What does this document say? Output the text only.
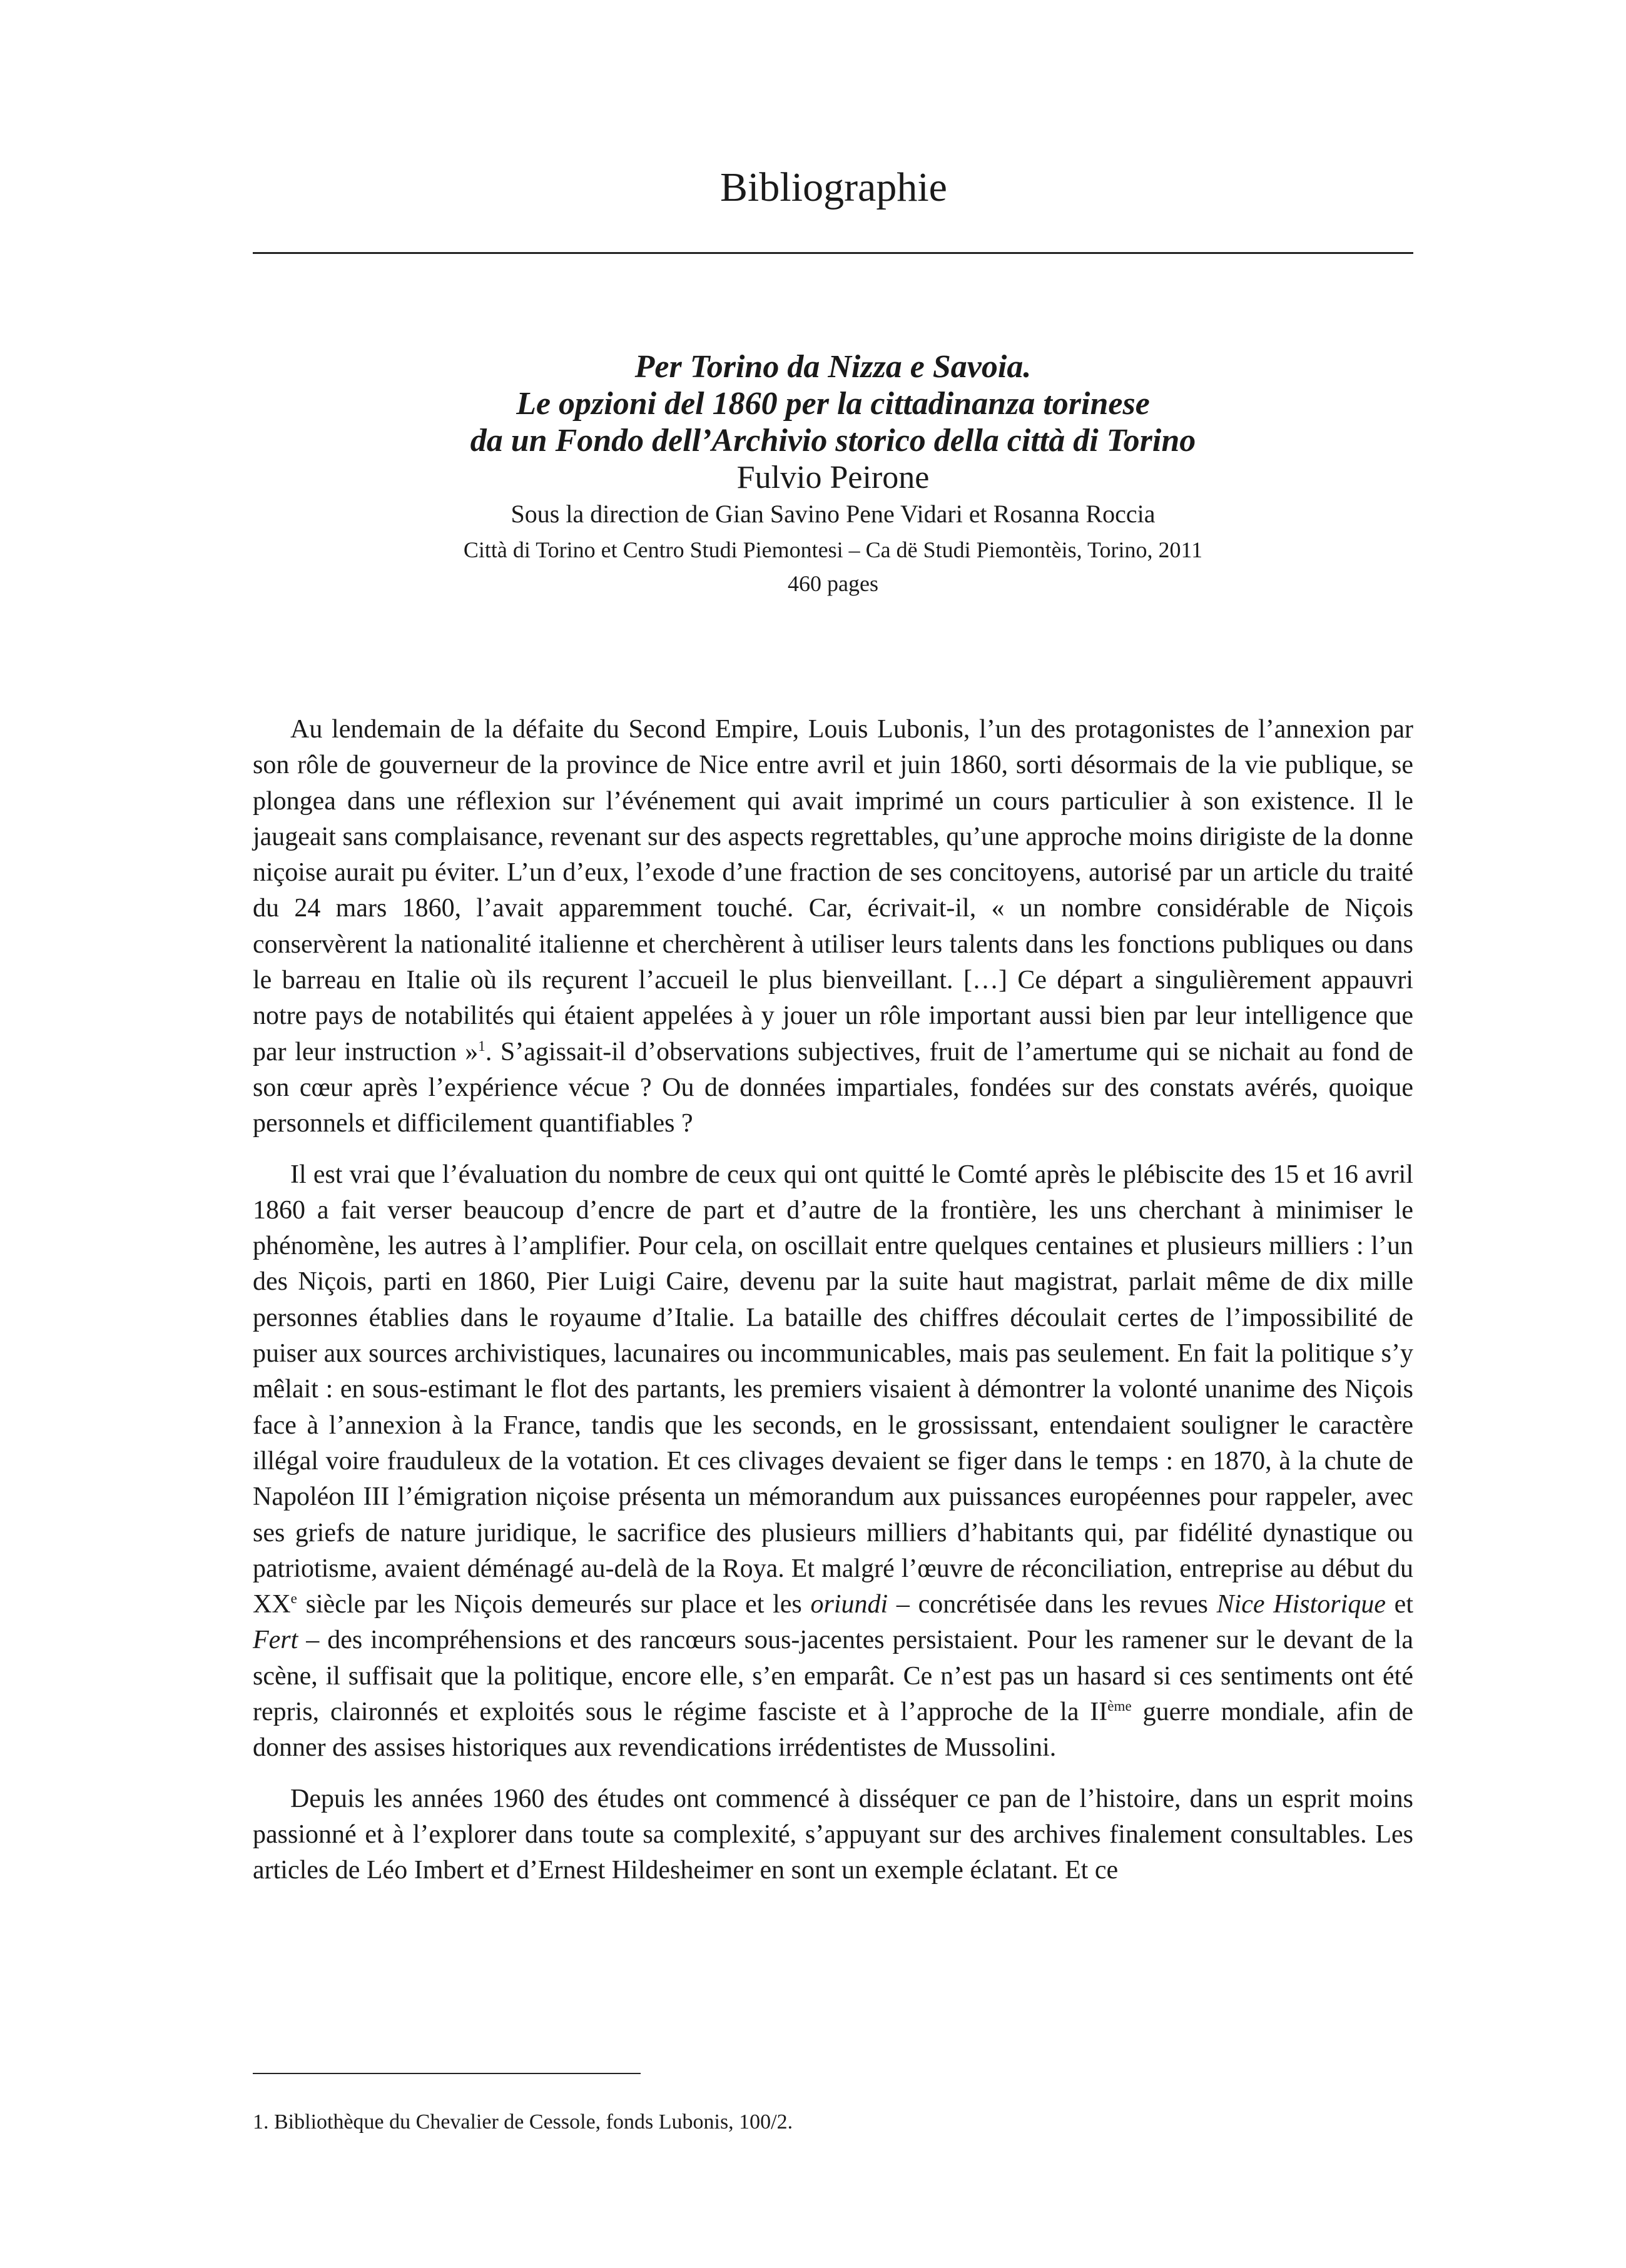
Bibliographie
Per Torino da Nizza e Savoia.
Le opzioni del 1860 per la cittadinanza torinese
da un Fondo dell’Archivio storico della città di Torino
Fulvio Peirone
Sous la direction de Gian Savino Pene Vidari et Rosanna Roccia
Città di Torino et Centro Studi Piemontesi – Ca dë Studi Piemontèis, Torino, 2011
460 pages

Au lendemain de la défaite du Second Empire, Louis Lubonis, l’un des protagonistes de l’annexion par son rôle de gouverneur de la province de Nice entre avril et juin 1860, sorti désormais de la vie publique, se plongea dans une réflexion sur l’événement qui avait imprimé un cours particulier à son existence. Il le jaugeait sans complaisance, revenant sur des aspects regrettables, qu’une approche moins dirigiste de la donne niçoise aurait pu éviter. L’un d’eux, l’exode d’une fraction de ses concitoyens, autorisé par un article du traité du 24 mars 1860, l’avait apparemment touché. Car, écrivait-il, « un nombre considérable de Niçois conservèrent la nationalité italienne et cherchèrent à utiliser leurs talents dans les fonctions publiques ou dans le barreau en Italie où ils reçurent l’accueil le plus bienveillant. […] Ce départ a singulièrement appauvri notre pays de notabilités qui étaient appelées à y jouer un rôle important aussi bien par leur intelligence que par leur instruction »$^1$. S’agissait-il d’observations subjectives, fruit de l’amertume qui se nichait au fond de son cœur après l’expérience vécue ? Ou de données impartiales, fondées sur des constats avérés, quoique personnels et difficilement quantifiables ?

Il est vrai que l’évaluation du nombre de ceux qui ont quitté le Comté après le plébiscite des 15 et 16 avril 1860 a fait verser beaucoup d’encre de part et d’autre de la frontière, les uns cherchant à minimiser le phénomène, les autres à l’amplifier. Pour cela, on oscillait entre quelques centaines et plusieurs milliers : l’un des Niçois, parti en 1860, Pier Luigi Caire, devenu par la suite haut magistrat, parlait même de dix mille personnes établies dans le royaume d’Italie. La bataille des chiffres découlait certes de l’impossibilité de puiser aux sources archivistiques, lacunaires ou incommunicables, mais pas seulement. En fait la politique s’y mêlait : en sous-estimant le flot des partants, les premiers visaient à démontrer la volonté unanime des Niçois face à l’annexion à la France, tandis que les seconds, en le grossissant, entendaient souligner le caractère illégal voire frauduleux de la votation. Et ces clivages devaient se figer dans le temps : en 1870, à la chute de Napoléon III l’émigration niçoise présenta un mémorandum aux puissances européennes pour rappeler, avec ses griefs de nature juridique, le sacrifice des plusieurs milliers d’habitants qui, par fidélité dynastique ou patriotisme, avaient déménagé au-delà de la Roya. Et malgré l’œuvre de réconciliation, entreprise au début du XXe siècle par les Niçois demeurés sur place et les oriundi – concrétisée dans les revues Nice Historique et Fert – des incompréhensions et des rancœurs sous-jacentes persistaient. Pour les ramener sur le devant de la scène, il suffisait que la politique, encore elle, s’en emparât. Ce n’est pas un hasard si ces sentiments ont été repris, claironnés et exploités sous le régime fasciste et à l’approche de la IIème guerre mondiale, afin de donner des assises historiques aux revendications irrédentistes de Mussolini.

Depuis les années 1960 des études ont commencé à disséquer ce pan de l’histoire, dans un esprit moins passionné et à l’explorer dans toute sa complexité, s’appuyant sur des archives finalement consultables. Les articles de Léo Imbert et d’Ernest Hildesheimer en sont un exemple éclatant. Et ce

1. Bibliothèque du Chevalier de Cessole, fonds Lubonis, 100/2.
